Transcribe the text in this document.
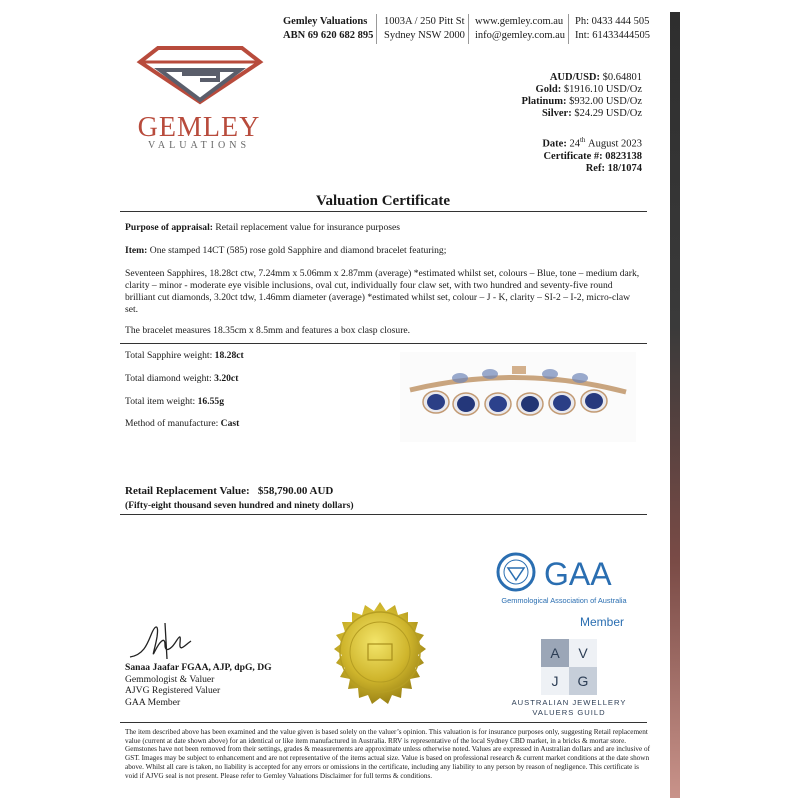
GEMLEY
VALUATIONS
Gemley Valuations
ABN 69 620 682 895
1003A / 250 Pitt St
Sydney NSW 2000
www.gemley.com.au
info@gemley.com.au
Ph: 0433 444 505
Int: 61433444505
AUD/USD: $0.64801
Gold: $1916.10 USD/Oz
Platinum: $932.00 USD/Oz
Silver: $24.29 USD/Oz
Date: 24th August 2023
Certificate #: 0823138
Ref: 18/1074
Valuation Certificate
Purpose of appraisal: Retail replacement value for insurance purposes
Item: One stamped 14CT (585) rose gold Sapphire and diamond bracelet featuring;
Seventeen Sapphires, 18.28ct ctw, 7.24mm x 5.06mm x 2.87mm (average) *estimated whilst set, colours – Blue, tone – medium dark, clarity – minor - moderate eye visible inclusions, oval cut, individually four claw set, with two hundred and seventy-five round brilliant cut diamonds, 3.20ct tdw, 1.46mm diameter (average) *estimated whilst set, colour – J - K, clarity – SI-2 – I-2, micro-claw set.
The bracelet measures 18.35cm x 8.5mm and features a box clasp closure.
Total Sapphire weight: 18.28ct
Total diamond weight: 3.20ct
Total item weight: 16.55g
Method of manufacture: Cast
Retail Replacement Value: $58,790.00 AUD
(Fifty-eight thousand seven hundred and ninety dollars)
GAA
Gemmological Association of Australia
Member
A	V
J	G
AUSTRALIAN JEWELLERY
VALUERS GUILD
Sanaa Jaafar FGAA, AJP, dpG, DG
Gemmologist & Valuer
AJVG Registered Valuer
GAA Member
The item described above has been examined and the value given is based solely on the valuer’s opinion. This valuation is for insurance purposes only, suggesting Retail replacement value (current at date shown above) for an identical or like item manufactured in Australia. RRV is representative of the local Sydney CBD market, in a bricks & mortar store. Gemstones have not been removed from their settings, grades & measurements are approximate unless otherwise noted. Values are expressed in Australian dollars and are inclusive of GST. Images may be subject to enhancement and are not representative of the items actual size. Value is based on professional research & current market conditions at the date shown above. Whilst all care is taken, no liability is accepted for any errors or omissions in the certificate, including any liability to any person by reason of negligence. This certificate is void if AJVG seal is not present. Please refer to Gemley Valuations Disclaimer for full terms & conditions.
